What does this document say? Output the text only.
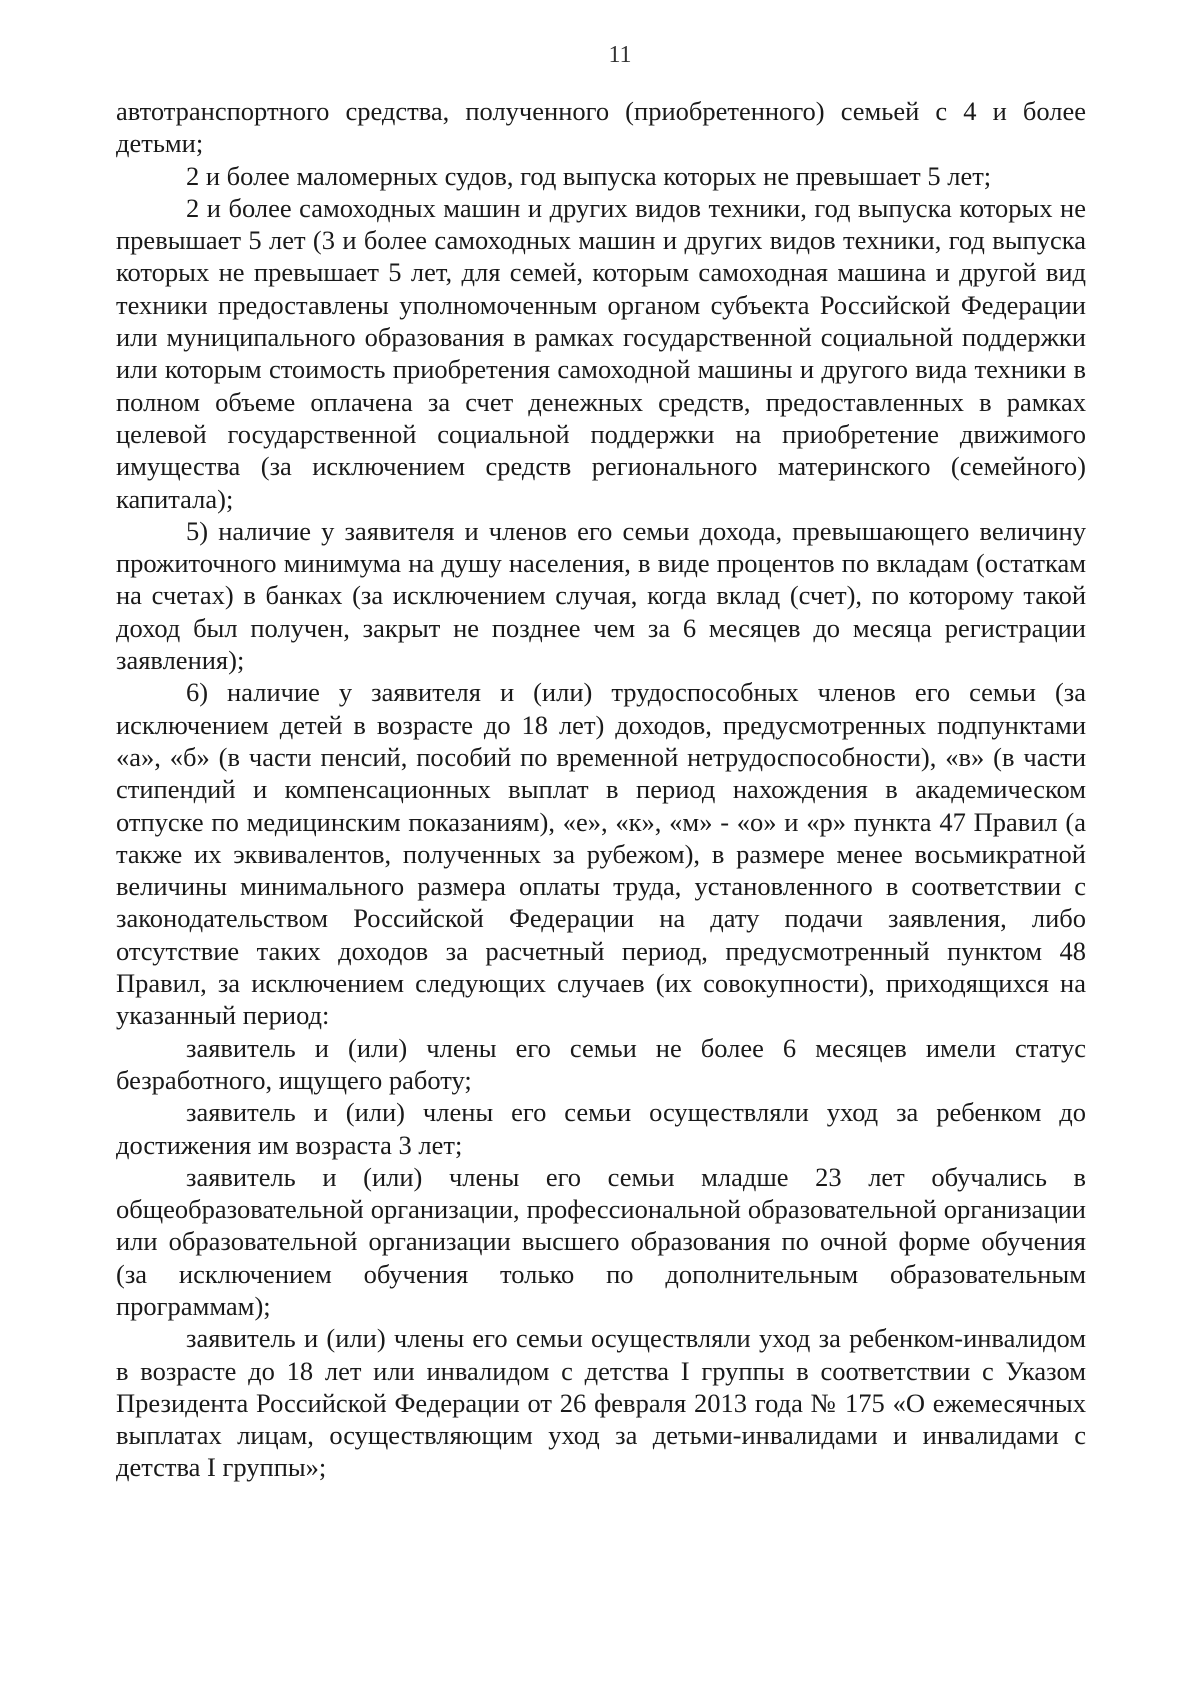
11

автотранспортного средства, полученного (приобретенного) семьей с 4 и более детьми;

2 и более маломерных судов, год выпуска которых не превышает 5 лет;

2 и более самоходных машин и других видов техники, год выпуска которых не превышает 5 лет (3 и более самоходных машин и других видов техники, год выпуска которых не превышает 5 лет, для семей, которым самоходная машина и другой вид техники предоставлены уполномоченным органом субъекта Российской Федерации или муниципального образования в рамках государственной социальной поддержки или которым стоимость приобретения самоходной машины и другого вида техники в полном объеме оплачена за счет денежных средств, предоставленных в рамках целевой государственной социальной поддержки на приобретение движимого имущества (за исключением средств регионального материнского (семейного) капитала);

5) наличие у заявителя и членов его семьи дохода, превышающего величину прожиточного минимума на душу населения, в виде процентов по вкладам (остаткам на счетах) в банках (за исключением случая, когда вклад (счет), по которому такой доход был получен, закрыт не позднее чем за 6 месяцев до месяца регистрации заявления);

6) наличие у заявителя и (или) трудоспособных членов его семьи (за исключением детей в возрасте до 18 лет) доходов, предусмотренных подпунктами «а», «б» (в части пенсий, пособий по временной нетрудоспособности), «в» (в части стипендий и компенсационных выплат в период нахождения в академическом отпуске по медицинским показаниям), «е», «к», «м» - «о» и «р» пункта 47 Правил (а также их эквивалентов, полученных за рубежом), в размере менее восьмикратной величины минимального размера оплаты труда, установленного в соответствии с законодательством Российской Федерации на дату подачи заявления, либо отсутствие таких доходов за расчетный период, предусмотренный пунктом 48 Правил, за исключением следующих случаев (их совокупности), приходящихся на указанный период:

заявитель и (или) члены его семьи не более 6 месяцев имели статус безработного, ищущего работу;

заявитель и (или) члены его семьи осуществляли уход за ребенком до достижения им возраста 3 лет;

заявитель и (или) члены его семьи младше 23 лет обучались в общеобразовательной организации, профессиональной образовательной организации или образовательной организации высшего образования по очной форме обучения (за исключением обучения только по дополнительным образовательным программам);

заявитель и (или) члены его семьи осуществляли уход за ребенком-инвалидом в возрасте до 18 лет или инвалидом с детства I группы в соответствии с Указом Президента Российской Федерации от 26 февраля 2013 года № 175 «О ежемесячных выплатах лицам, осуществляющим уход за детьми-инвалидами и инвалидами с детства I группы»;
